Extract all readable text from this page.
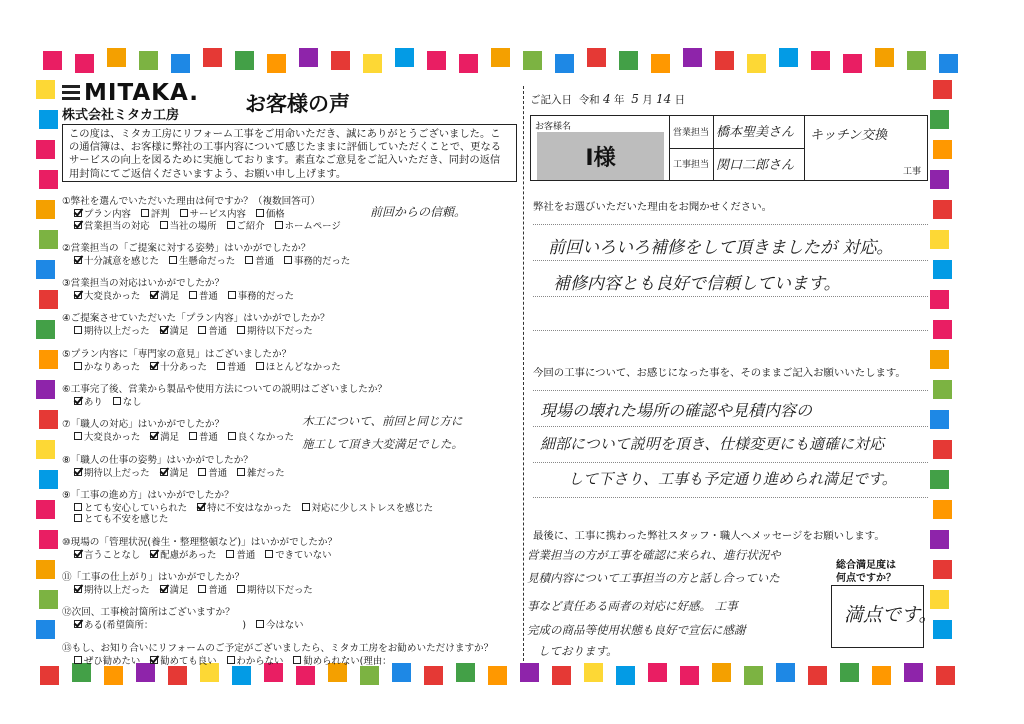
MITAKA.
株式会社ミタカ工房	お客様の声
この度は、ミタカ工房にリフォーム工事をご用命いただき、誠にありがとうございました。この通信簿は、お客様に弊社の工事内容について感じたままに評価していただくことで、更なるサービスの向上を図るために実施しております。素直なご意見をご記入いただき、同封の返信用封筒にてご返信くださいますよう、お願い申し上げます。
①弊社を選んでいただいた理由は何ですか？（複数回答可）
プラン内容 評判 サービス内容 価格
営業担当の対応 当社の場所 ご紹介 ホームページ
②営業担当の「ご提案に対する姿勢」はいかがでしたか？
十分誠意を感じた 生懸命だった 普通 事務的だった
③営業担当の対応はいかがでしたか？
大変良かった 満足 普通 事務的だった
④ご提案させていただいた「プラン内容」はいかがでしたか？
期待以上だった 満足 普通 期待以下だった
⑤プラン内容に「専門家の意見」はございましたか？
かなりあった 十分あった 普通 ほとんどなかった
⑥工事完了後、営業から製品や使用方法についての説明はございましたか？
あり なし
⑦「職人の対応」はいかがでしたか？
大変良かった 満足 普通 良くなかった
⑧「職人の仕事の姿勢」はいかがでしたか？
期待以上だった 満足 普通 雑だった
⑨「工事の進め方」はいかがでしたか？
とても安心していられた 特に不安はなかった 対応に少しストレスを感じた
とても不安を感じた
⑩現場の「管理状況(養生・整理整頓など)」はいかがでしたか？
言うことなし 配慮があった 普通 できていない
⑪「工事の仕上がり」はいかがでしたか？
期待以上だった 満足 普通 期待以下だった
⑫次回、工事検討箇所はございますか？
ある(希望箇所：　　　　　　　　　　) 今はない
⑬もし、お知り合いにリフォームのご予定がございましたら、ミタカ工房をお勧めいただけますか？
ぜひ勧めたい 勧めても良い わからない 勧められない(理由：
前回からの信頼。
木工について、前回と同じ方に
施工して頂き大変満足でした。
ご記入日 令和 4 年 5 月 14 日
お客様名
I様
営業担当
工事担当
橋本聖美さん
関口二郎さん
キッチン交換
工事
弊社をお選びいただいた理由をお聞かせください。
前回いろいろ補修をして頂きましたが 対応。
補修内容とも良好で信頼しています。
今回の工事について、お感じになった事を、そのままご記入お願いいたします。
現場の壊れた場所の確認や見積内容の
細部について説明を頂き、仕様変更にも適確に対応
して下さり、工事も予定通り進められ満足です。
最後に、工事に携わった弊社スタッフ・職人へメッセージをお願いします。
営業担当の方が工事を確認に来られ、進行状況や
見積内容について工事担当の方と話し合っていた
事など責任ある両者の対応に好感。 工事
完成の商品等使用状態も良好で宣伝に感謝
しております。
総合満足度は
何点ですか？
満点です。
